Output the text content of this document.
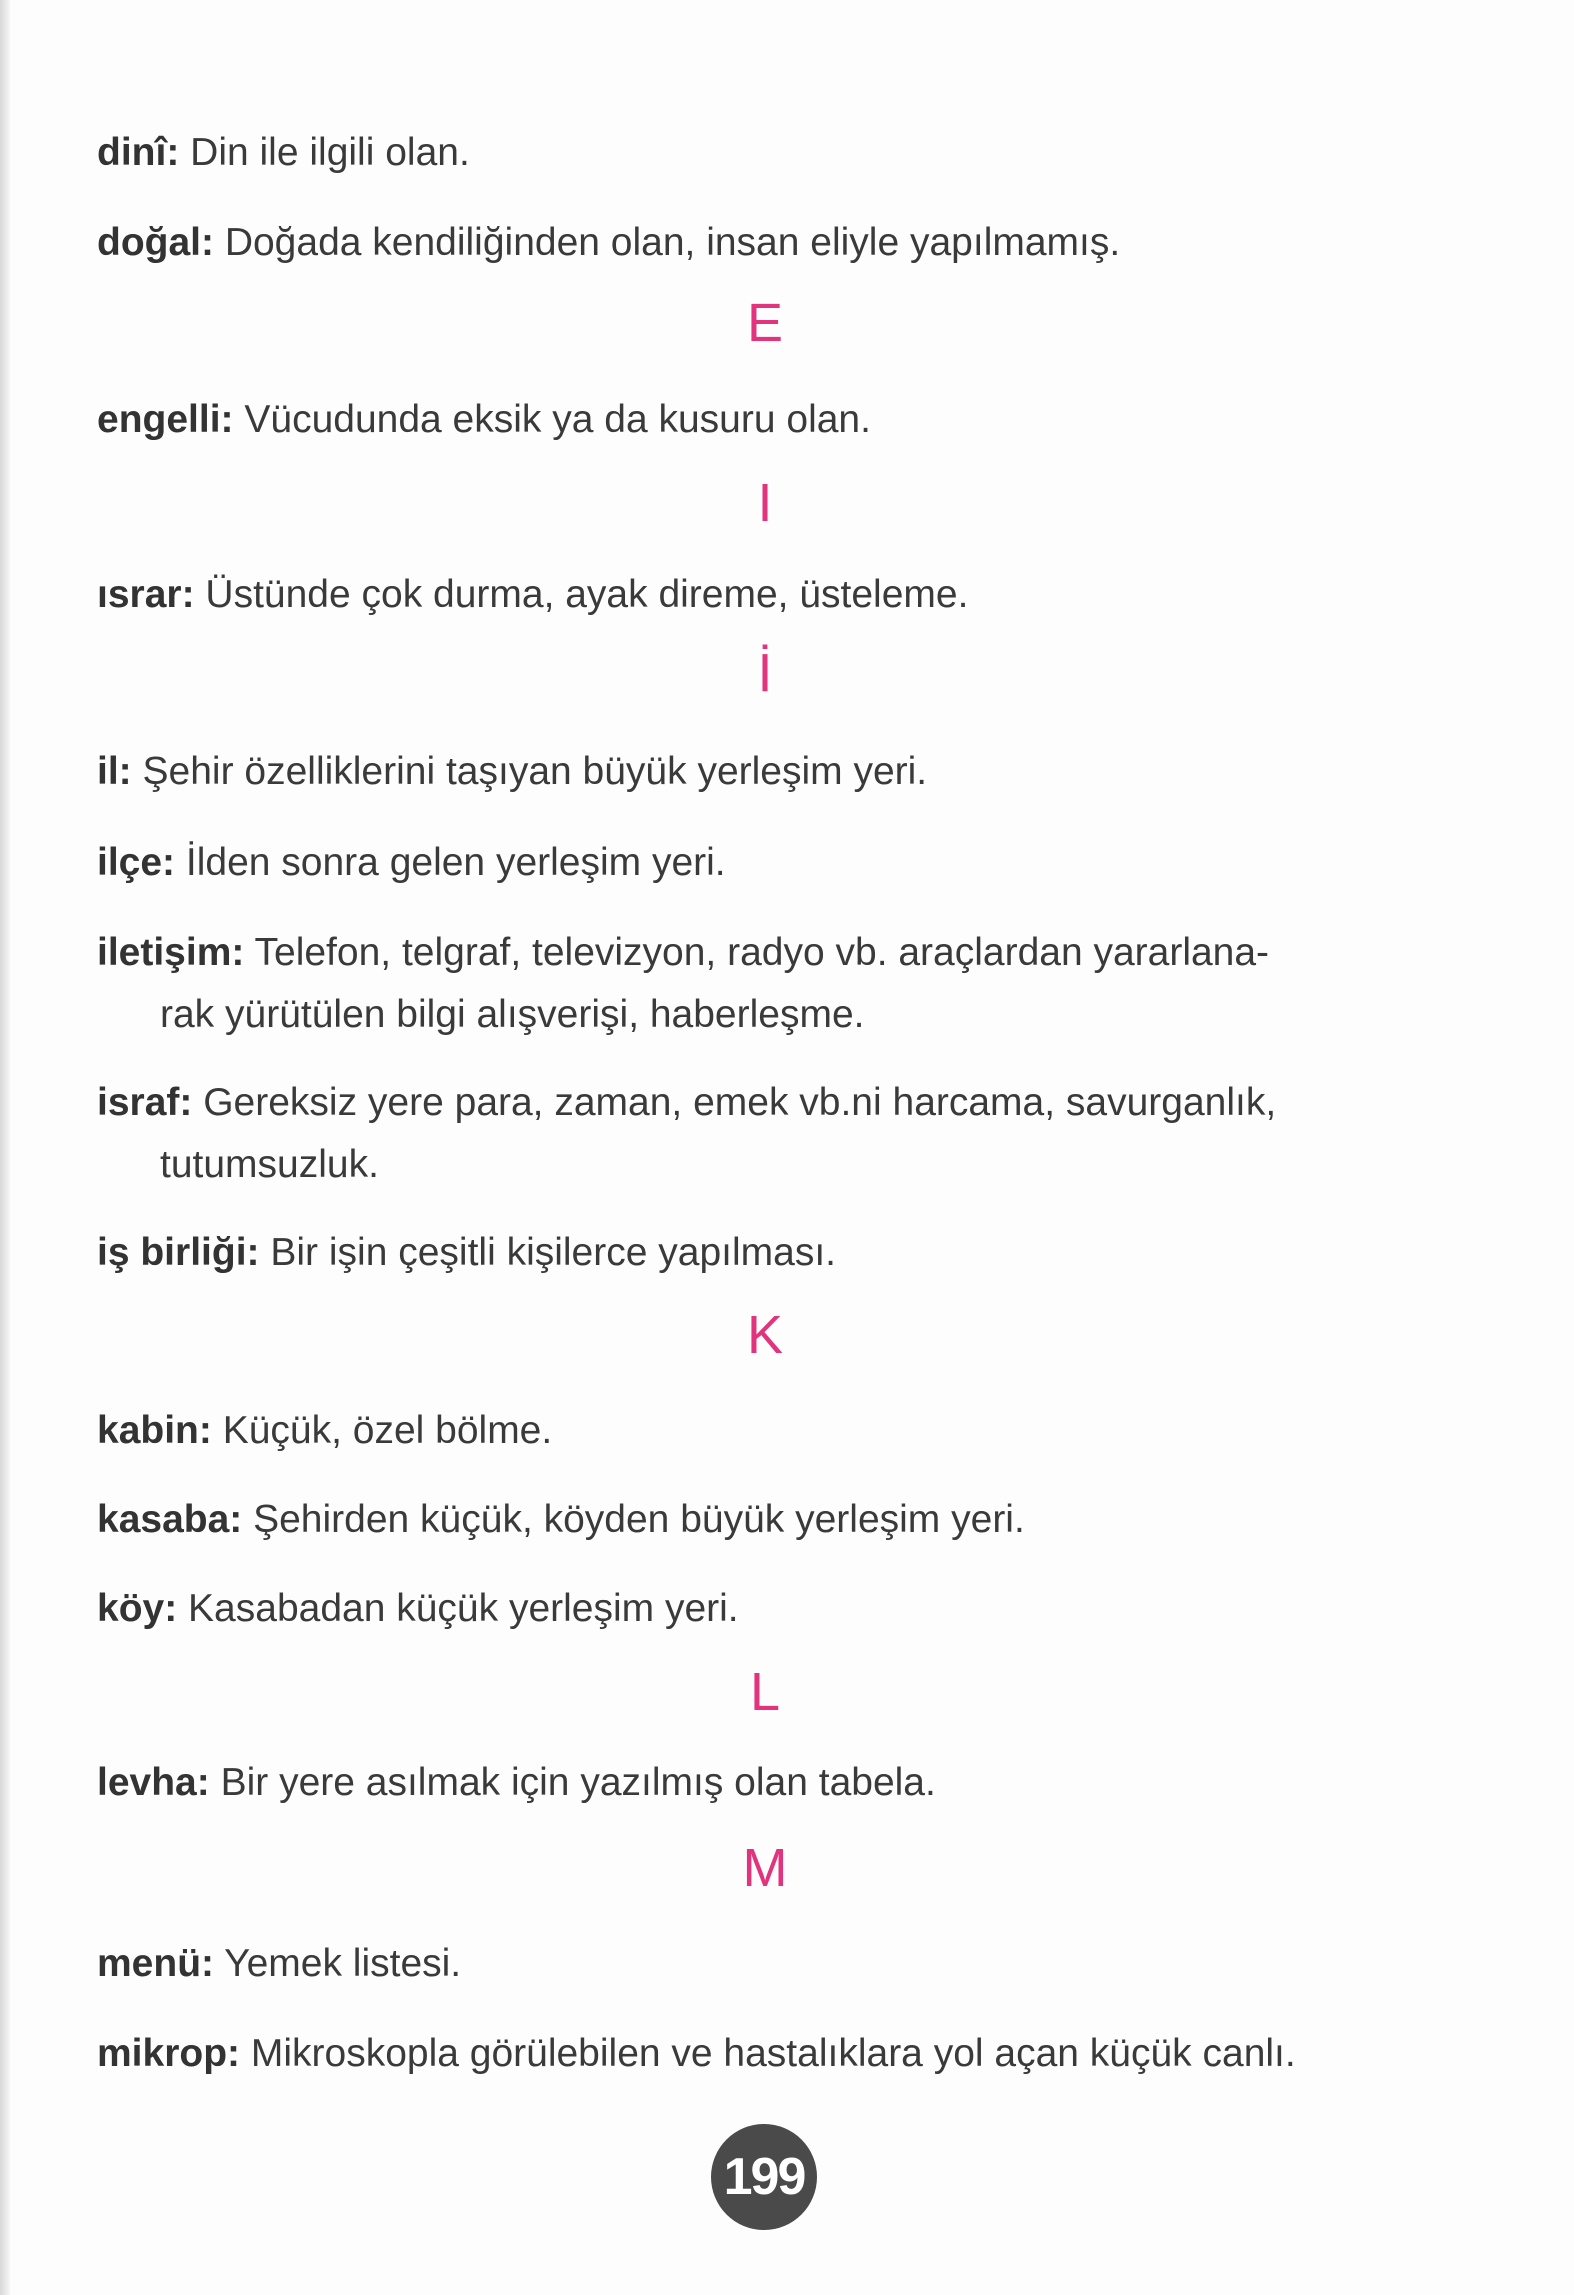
dinî: Din ile ilgili olan.
doğal: Doğada kendiliğinden olan, insan eliyle yapılmamış.
E
engelli: Vücudunda eksik ya da kusuru olan.
I
ısrar: Üstünde çok durma, ayak direme, üsteleme.
İ
il: Şehir özelliklerini taşıyan büyük yerleşim yeri.
ilçe: İlden sonra gelen yerleşim yeri.
iletişim: Telefon, telgraf, televizyon, radyo vb. araçlardan yararlana-
rak yürütülen bilgi alışverişi, haberleşme.
israf: Gereksiz yere para, zaman, emek vb.ni harcama, savurganlık,
tutumsuzluk.
iş birliği: Bir işin çeşitli kişilerce yapılması.
K
kabin: Küçük, özel bölme.
kasaba: Şehirden küçük, köyden büyük yerleşim yeri.
köy: Kasabadan küçük yerleşim yeri.
L
levha: Bir yere asılmak için yazılmış olan tabela.
M
menü: Yemek listesi.
mikrop: Mikroskopla görülebilen ve hastalıklara yol açan küçük canlı.
199
